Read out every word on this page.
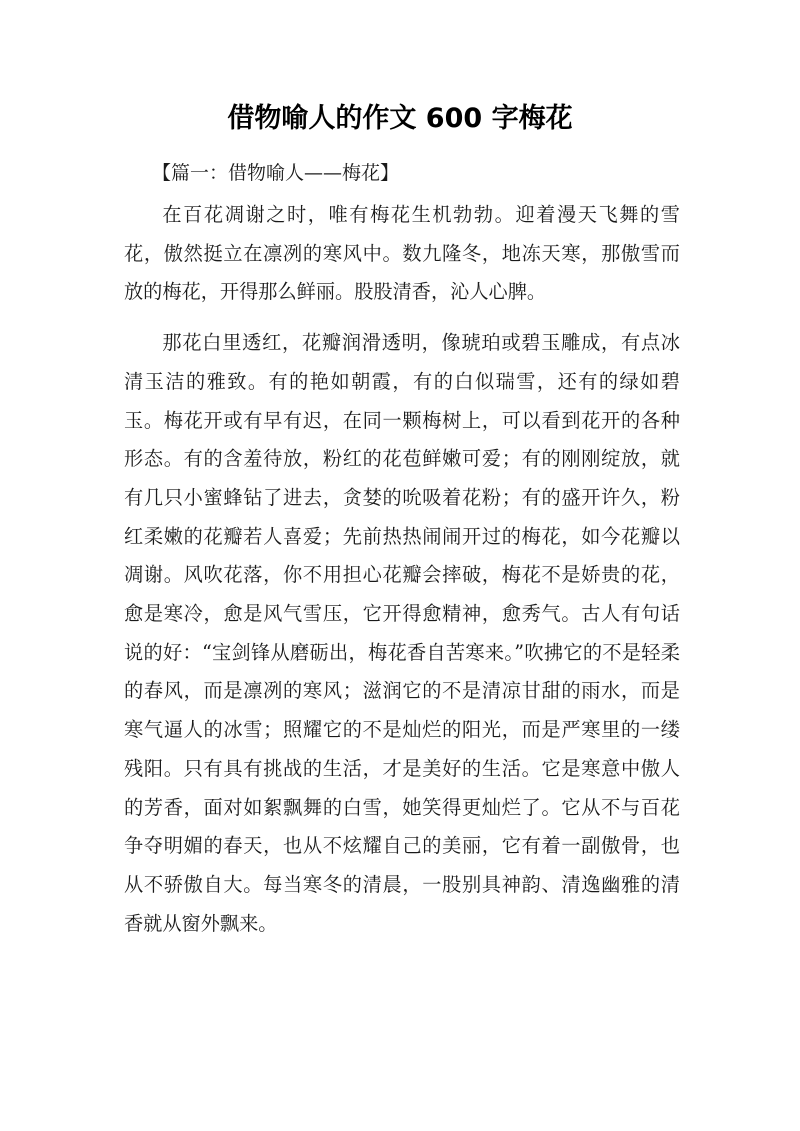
借物喻人的作文 600 字梅花
【篇一：借物喻人——梅花】

在百花凋谢之时，唯有梅花生机勃勃。迎着漫天飞舞的雪花，傲然挺立在凛冽的寒风中。数九隆冬，地冻天寒，那傲雪而放的梅花，开得那么鲜丽。股股清香，沁人心脾。

那花白里透红，花瓣润滑透明，像琥珀或碧玉雕成，有点冰清玉洁的雅致。有的艳如朝霞，有的白似瑞雪，还有的绿如碧玉。梅花开或有早有迟，在同一颗梅树上，可以看到花开的各种形态。有的含羞待放，粉红的花苞鲜嫩可爱；有的刚刚绽放，就有几只小蜜蜂钻了进去，贪婪的吮吸着花粉；有的盛开许久，粉红柔嫩的花瓣若人喜爱；先前热热闹闹开过的梅花，如今花瓣以凋谢。风吹花落，你不用担心花瓣会摔破，梅花不是娇贵的花，愈是寒冷，愈是风气雪压，它开得愈精神，愈秀气。古人有句话说的好：“宝剑锋从磨砺出，梅花香自苦寒来。”吹拂它的不是轻柔的春风，而是凛冽的寒风；滋润它的不是清凉甘甜的雨水，而是寒气逼人的冰雪；照耀它的不是灿烂的阳光，而是严寒里的一缕残阳。只有具有挑战的生活，才是美好的生活。它是寒意中傲人的芳香，面对如絮飘舞的白雪，她笑得更灿烂了。它从不与百花争夺明媚的春天，也从不炫耀自己的美丽，它有着一副傲骨，也从不骄傲自大。每当寒冬的清晨，一股别具神韵、清逸幽雅的清香就从窗外飘来。
